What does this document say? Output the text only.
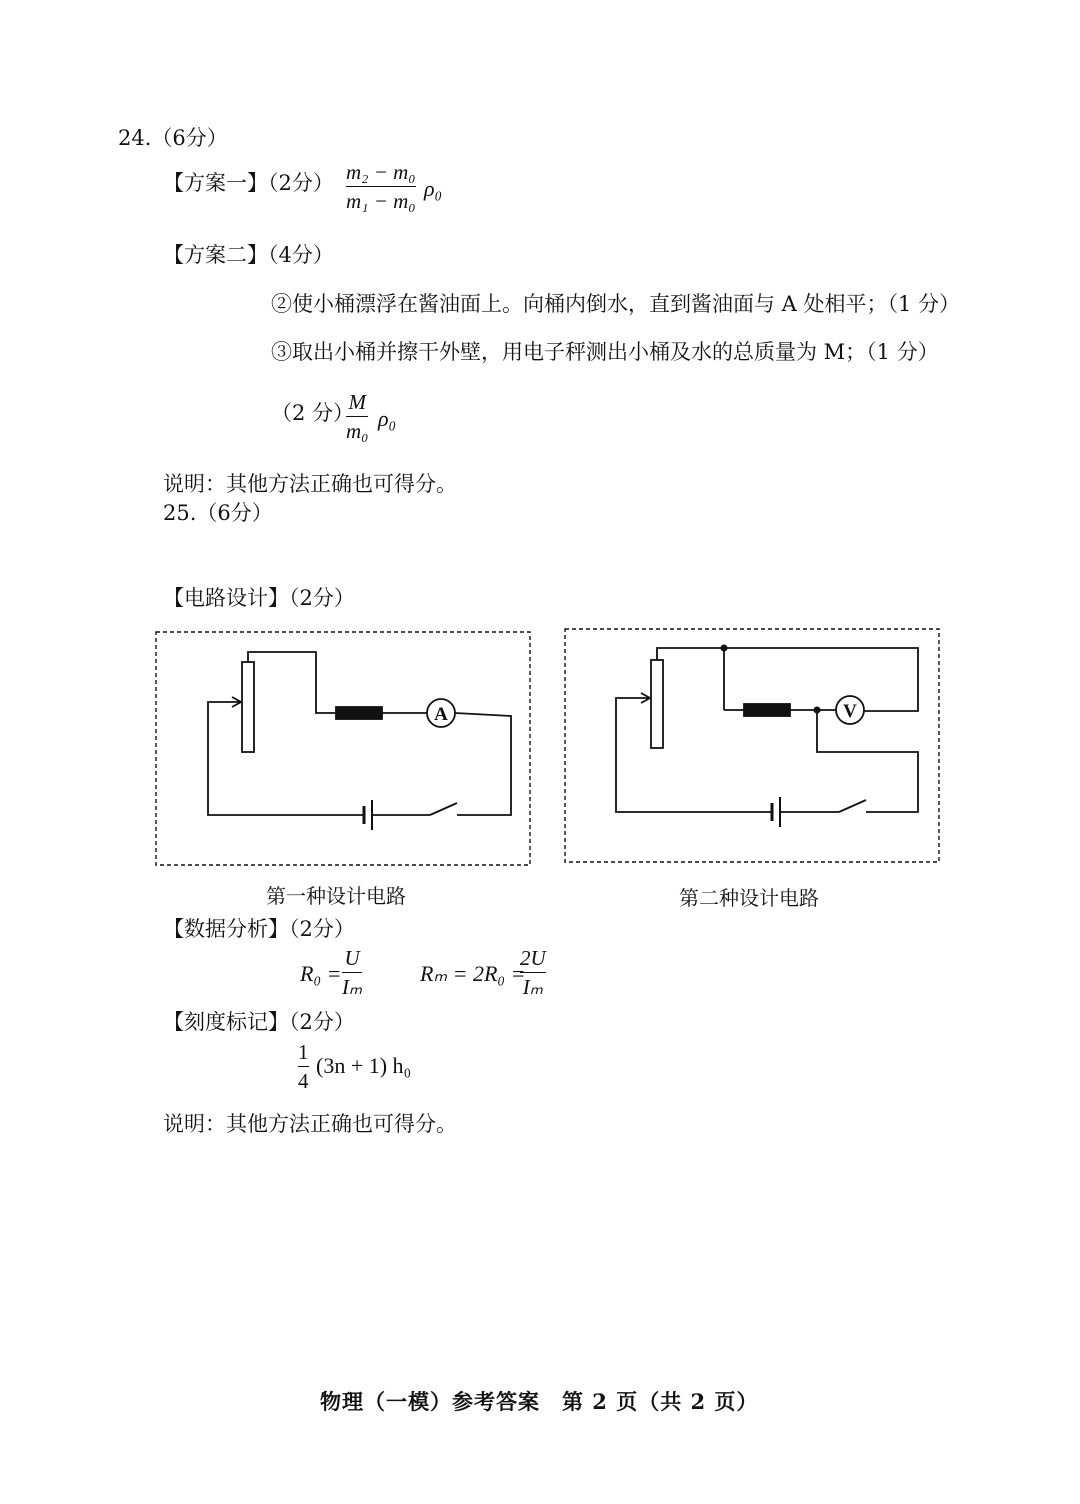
24.（6分）
【方案一】（2分） m₂ − m₀
m₁ − m₀ ρ₀
【方案二】（4分）
②使小桶漂浮在酱油面上。向桶内倒水，直到酱油面与 A 处相平；（1 分）
③取出小桶并擦干外壁，用电子秤测出小桶及水的总质量为 M；（1 分）
（2 分）
M
m₀ ρ₀
说明：其他方法正确也可得分。
25.（6分）
【电路设计】（2分）
A	V
第一种设计电路	第二种设计电路
【数据分析】（2分）
R₀ =
U
Iₘ
Rₘ = 2R₀ =
2U
Iₘ
【刻度标记】（2分）
1
4
(3n + 1) h₀
说明：其他方法正确也可得分。
物理（一模）参考答案　第 2 页（共 2 页）
